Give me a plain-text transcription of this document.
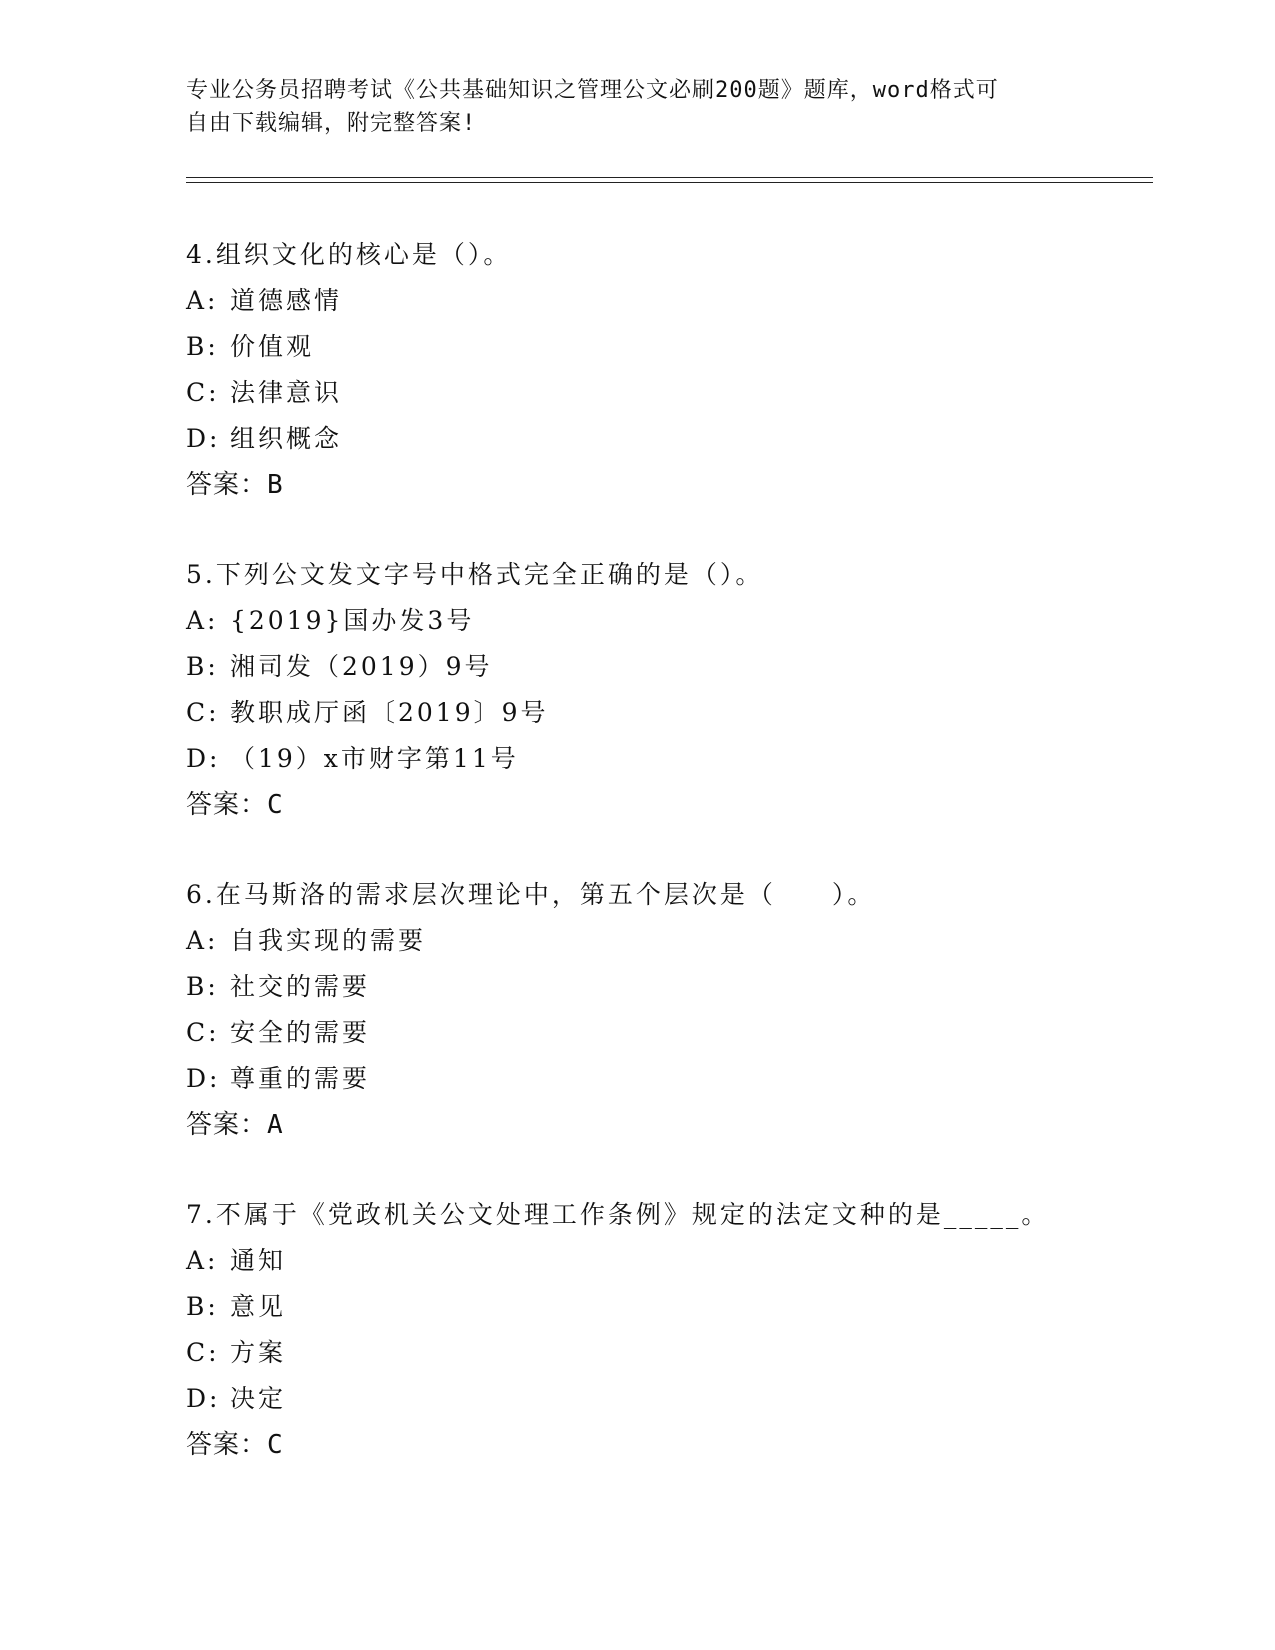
专业公务员招聘考试《公共基础知识之管理公文必刷200题》题库，word格式可
自由下载编辑，附完整答案!
4.组织文化的核心是（）。
A: 道德感情
B: 价值观
C: 法律意识
D: 组织概念
答案：B
5.下列公文发文字号中格式完全正确的是（）。
A: {2019}国办发3号
B: 湘司发（2019）9号
C: 教职成厅函〔2019〕9号
D: （19）x市财字第11号
答案：C
6.在马斯洛的需求层次理论中，第五个层次是（　　）。
A: 自我实现的需要
B: 社交的需要
C: 安全的需要
D: 尊重的需要
答案：A
7.不属于《党政机关公文处理工作条例》规定的法定文种的是_____。
A: 通知
B: 意见
C: 方案
D: 决定
答案：C
